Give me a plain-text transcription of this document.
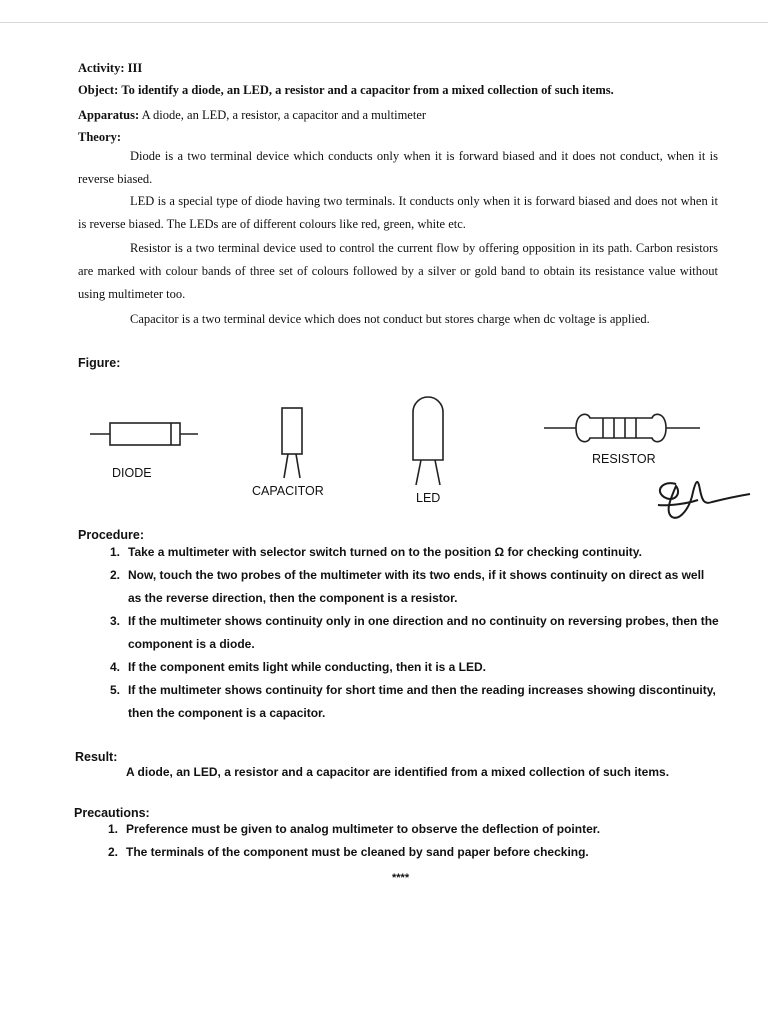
Activity: III
Object: To identify a diode, an LED, a resistor and a capacitor from a mixed collection of such items.
Apparatus: A diode, an LED, a resistor, a capacitor and a multimeter
Theory:
Diode is a two terminal device which conducts only when it is forward biased and it does not conduct, when it is reverse biased.
LED is a special type of diode having two terminals. It conducts only when it is forward biased and does not when it is reverse biased. The LEDs are of different colours like red, green, white etc.
Resistor is a two terminal device used to control the current flow by offering opposition in its path. Carbon resistors are marked with colour bands of three set of colours followed by a silver or gold band to obtain its resistance value without using multimeter too.
Capacitor is a two terminal device which does not conduct but stores charge when dc voltage is applied.
Figure:
DIODE
CAPACITOR	LED
RESISTOR
Procedure:
1. Take a multimeter with selector switch turned on to the position Ω for checking continuity.
2. Now, touch the two probes of the multimeter with its two ends, if it shows continuity on direct as well as the reverse direction, then the component is a resistor.
3. If the multimeter shows continuity only in one direction and no continuity on reversing probes, then the component is a diode.
4. If the component emits light while conducting, then it is a LED.
5. If the multimeter shows continuity for short time and then the reading increases showing discontinuity, then the component is a capacitor.
Result:
A diode, an LED, a resistor and a capacitor are identified from a mixed collection of such items.
Precautions:
1. Preference must be given to analog multimeter to observe the deflection of pointer.
2. The terminals of the component must be cleaned by sand paper before checking.
****
